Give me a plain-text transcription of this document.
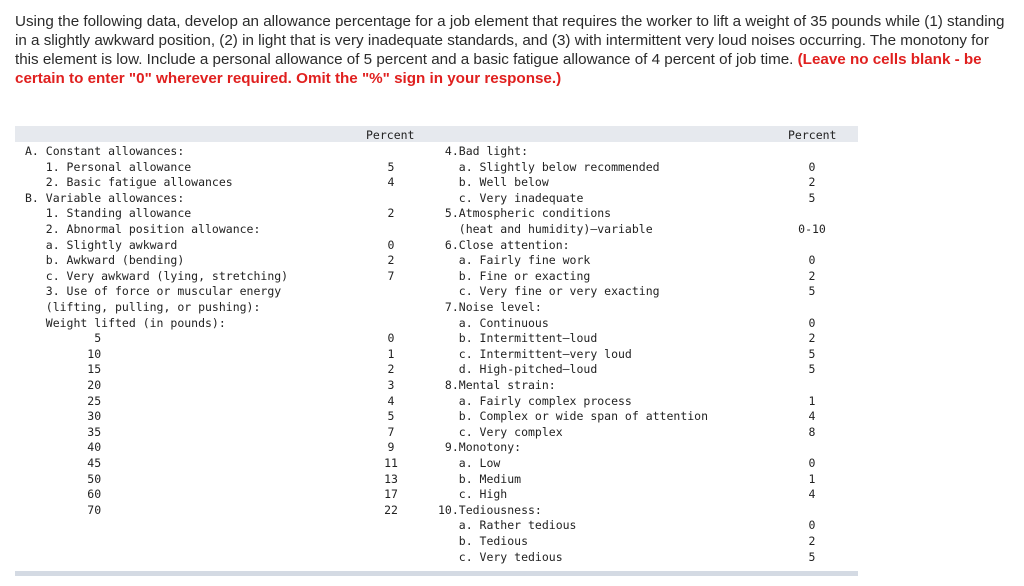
Using the following data, develop an allowance percentage for a job element that requires the worker to lift a weight of 35 pounds while (1) standing in a slightly awkward position, (2) in light that is very inadequate standards, and (3) with intermittent very loud noises occurring. The monotony for this element is low. Include a personal allowance of 5 percent and a basic fatigue allowance of 4 percent of job time. (Leave no cells blank - be certain to enter "0" wherever required. Omit the "%" sign in your response.)
Percent	Percent
A. Constant allowances:
1. Personal allowance	5
2. Basic fatigue allowances	4
B. Variable allowances:
1. Standing allowance	2
2. Abnormal position allowance:
a. Slightly awkward	0
b. Awkward (bending)	2
c. Very awkward (lying, stretching)	7
3. Use of force or muscular energy
(lifting, pulling, or pushing):
Weight lifted (in pounds):
5	0
10	1
15	2
20	3
25	4
30	5
35	7
40	9
45	11
50	13
60	17
70	22
4.Bad light:
a. Slightly below recommended	0
b. Well below	2
c. Very inadequate	5
5.Atmospheric conditions
(heat and humidity)—variable	0-10
6.Close attention:
a. Fairly fine work	0
b. Fine or exacting	2
c. Very fine or very exacting	5
7.Noise level:
a. Continuous	0
b. Intermittent—loud	2
c. Intermittent—very loud	5
d. High-pitched—loud	5
8.Mental strain:
a. Fairly complex process	1
b. Complex or wide span of attention	4
c. Very complex	8
9.Monotony:
a. Low	0
b. Medium	1
c. High	4
10.Tediousness:
a. Rather tedious	0
b. Tedious	2
c. Very tedious	5
